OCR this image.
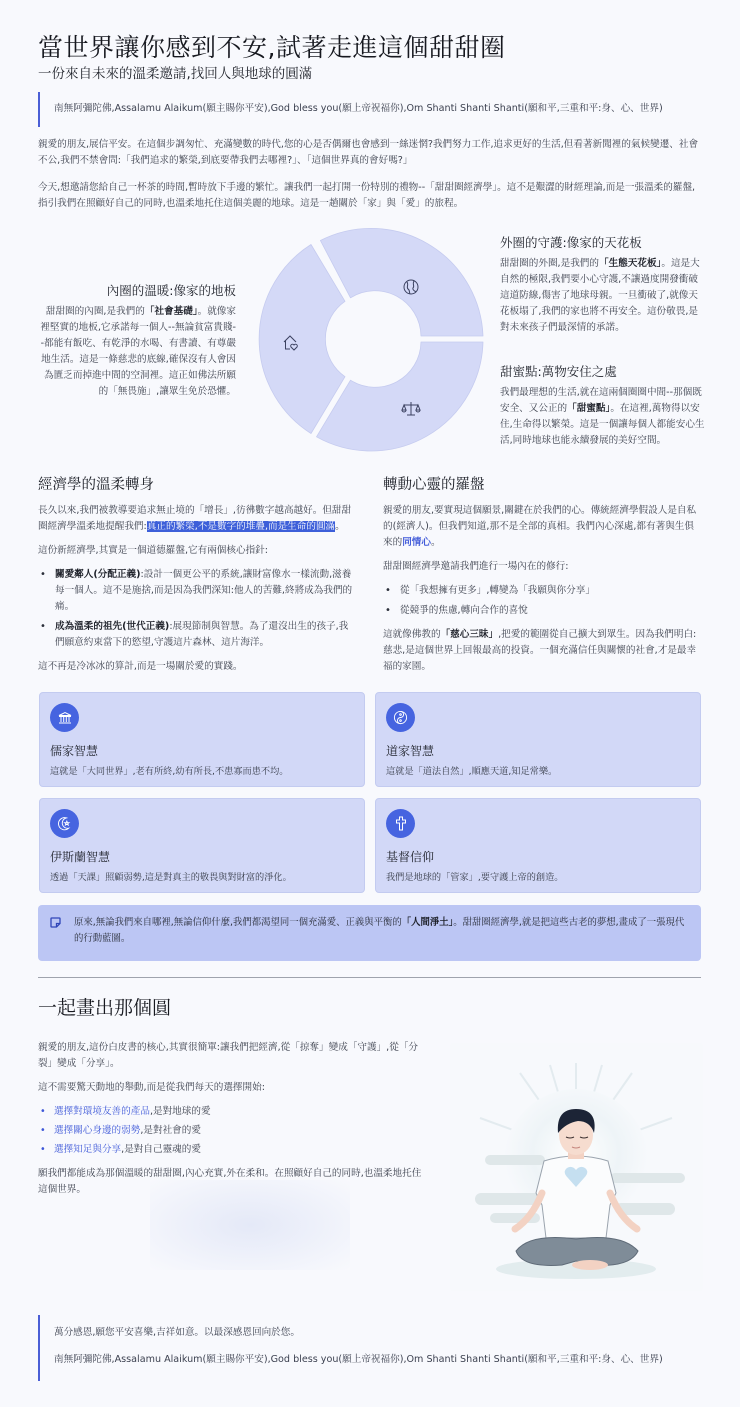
當世界讓你感到不安,試著走進這個甜甜圈
一份來自未來的溫柔邀請,找回人與地球的圓滿

南無阿彌陀佛,Assalamu Alaikum(願主賜你平安),God bless you(願上帝祝福你),Om Shanti Shanti Shanti(願和平,三重和平:身、心、世界)

親愛的朋友,展信平安。在這個步調匆忙、充滿變數的時代,您的心是否偶爾也會感到一絲迷惘?我們努力工作,追求更好的生活,但看著新聞裡的氣候變遷、社會不公,我們不禁會問:「我們追求的繁榮,到底要帶我們去哪裡?」、「這個世界真的會好嗎?」

今天,想邀請您給自己一杯茶的時間,暫時放下手邊的繁忙。讓我們一起打開一份特別的禮物--「甜甜圈經濟學」。這不是艱澀的財經理論,而是一張溫柔的羅盤,指引我們在照顧好自己的同時,也溫柔地托住這個美麗的地球。這是一趟關於「家」與「愛」的旅程。

內圈的溫暖:像家的地板
甜甜圈的內圈,是我們的「社會基礎」。就像家裡堅實的地板,它承諾每一個人--無論貧富貴賤--都能有飯吃、有乾淨的水喝、有書讀、有尊嚴地生活。這是一條慈悲的底線,確保沒有人會因為匱乏而掉進中間的空洞裡。這正如佛法所願的「無畏施」,讓眾生免於恐懼。
外圈的守護:像家的天花板
甜甜圈的外圈,是我們的「生態天花板」。這是大自然的極限,我們要小心守護,不讓過度開發衝破這道防線,傷害了地球母親。一旦衝破了,就像天花板塌了,我們的家也將不再安全。這份敬畏,是對未來孩子們最深情的承諾。
甜蜜點:萬物安住之處
我們最理想的生活,就在這兩個圈圈中間--那個既安全、又公正的「甜蜜點」。在這裡,萬物得以安住,生命得以繁榮。這是一個讓每個人都能安心生活,同時地球也能永續發展的美好空間。
經濟學的溫柔轉身

長久以來,我們被教導要追求無止境的「增長」,彷彿數字越高越好。但甜甜圈經濟學溫柔地提醒我們:真正的繁榮,不是數字的堆疊,而是生命的圓滿。

這份新經濟學,其實是一個道德羅盤,它有兩個核心指針:

• 關愛鄰人(分配正義):設計一個更公平的系統,讓財富像水一樣流動,滋養每一個人。這不是施捨,而是因為我們深知:他人的苦難,終將成為我們的痛。
• 成為溫柔的祖先(世代正義):展現節制與智慧。為了還沒出生的孩子,我們願意約束當下的慾望,守護這片森林、這片海洋。

這不再是冷冰冰的算計,而是一場關於愛的實踐。

轉動心靈的羅盤

親愛的朋友,要實現這個願景,關鍵在於我們的心。傳統經濟學假設人是自私的(經濟人)。但我們知道,那不是全部的真相。我們內心深處,都有著與生俱來的同情心。

甜甜圈經濟學邀請我們進行一場內在的修行:

• 從「我想擁有更多」,轉變為「我願與你分享」
• 從競爭的焦慮,轉向合作的喜悅

這就像佛教的「慈心三昧」,把愛的範圍從自己擴大到眾生。因為我們明白:慈悲,是這個世界上回報最高的投資。一個充滿信任與關懷的社會,才是最幸福的家園。

儒家智慧
這就是「大同世界」,老有所終,幼有所長,不患寡而患不均。
道家智慧
這就是「道法自然」,順應天道,知足常樂。
伊斯蘭智慧
透過「天課」照顧弱勢,這是對真主的敬畏與對財富的淨化。
基督信仰
我們是地球的「管家」,要守護上帝的創造。
原來,無論我們來自哪裡,無論信仰什麼,我們都渴望同一個充滿愛、正義與平衡的「人間淨土」。甜甜圈經濟學,就是把這些古老的夢想,畫成了一張現代的行動藍圖。
一起畫出那個圓

親愛的朋友,這份白皮書的核心,其實很簡單:讓我們把經濟,從「掠奪」變成「守護」,從「分裂」變成「分享」。

這不需要驚天動地的舉動,而是從我們每天的選擇開始:

• 選擇對環境友善的產品,是對地球的愛
• 選擇關心身邊的弱勢,是對社會的愛
• 選擇知足與分享,是對自己靈魂的愛

願我們都能成為那個溫暖的甜甜圈,內心充實,外在柔和。在照顧好自己的同時,也溫柔地托住這個世界。

萬分感恩,願您平安喜樂,吉祥如意。以最深感恩回向於您。

南無阿彌陀佛,Assalamu Alaikum(願主賜你平安),God bless you(願上帝祝福你),Om Shanti Shanti Shanti(願和平,三重和平:身、心、世界)
